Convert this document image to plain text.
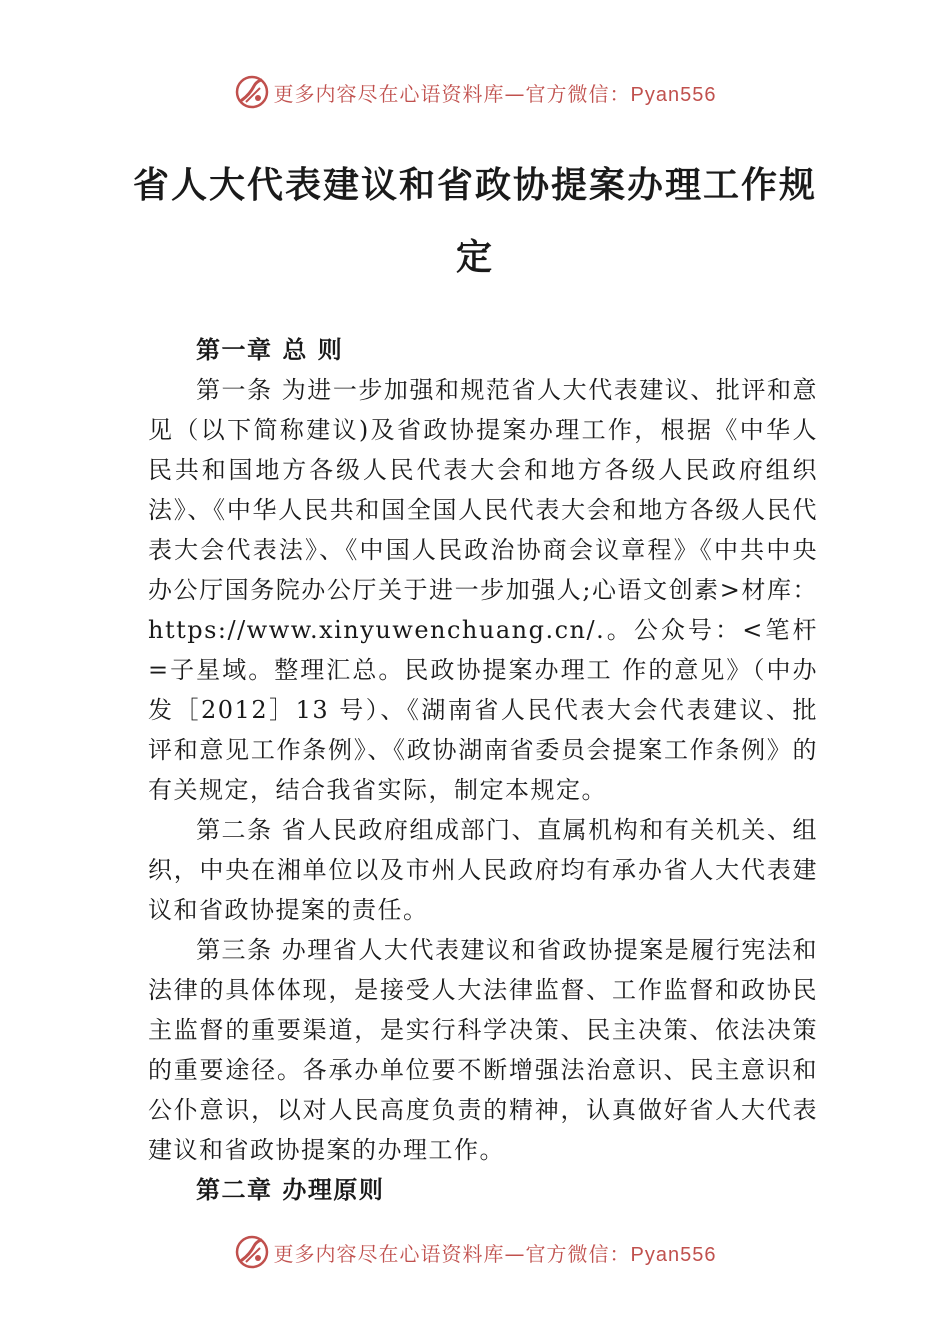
更多内容尽在心语资料库—官方微信：Pyan556
省人大代表建议和省政协提案办理工作规
定

第一章 总 则

第一条 为进一步加强和规范省人大代表建议、批评和意见（以下简称建议)及省政协提案办理工作，根据《中华人民共和国地方各级人民代表大会和地方各级人民政府组织 法》、《中华人民共和国全国人民代表大会和地方各级人民代表大会代表法》、《中国人民政治协商会议章程》《中共中央办公厅国务院办公厅关于进一步加强人;心语文创素>材库：https://www.xinyuwenchuang.cn/.。公众号：<笔杆=子星域。整理汇总。民政协提案办理工 作的意见》（中办发［2012］13 号）、《湖南省人民代表大会代表建议、批评和意见工作条例》、《政协湖南省委员会提案工作条例》的有关规定，结合我省实际，制定本规定。

第二条 省人民政府组成部门、直属机构和有关机关、组织，中央在湘单位以及市州人民政府均有承办省人大代表建议和省政协提案的责任。

第三条 办理省人大代表建议和省政协提案是履行宪法和法律的具体体现，是接受人大法律监督、工作监督和政协民主监督的重要渠道，是实行科学决策、民主决策、依法决策的重要途径。各承办单位要不断增强法治意识、民主意识和公仆意识，以对人民高度负责的精神，认真做好省人大代表建议和省政协提案的办理工作。

第二章 办理原则

更多内容尽在心语资料库—官方微信：Pyan556
